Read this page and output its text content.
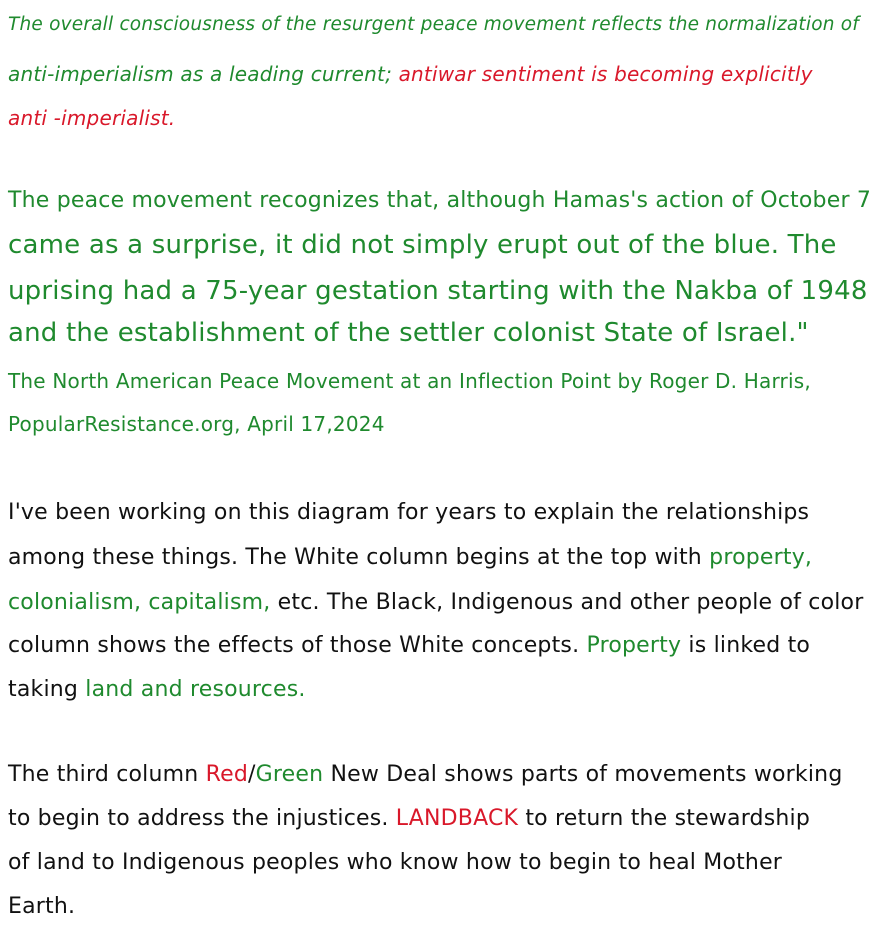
The overall consciousness of the resurgent peace movement reflects the normalization of
anti-imperialism as a leading current; antiwar sentiment is becoming explicitly
anti -imperialist.
The peace movement recognizes that, although Hamas's action of October 7
came as a surprise, it did not simply erupt out of the blue. The
uprising had a 75-year gestation starting with the Nakba of 1948
and the establishment of the settler colonist State of Israel."
The North American Peace Movement at an Inflection Point by Roger D. Harris,
PopularResistance.org, April 17,2024
I've been working on this diagram for years to explain the relationships
among these things. The White column begins at the top with property,
colonialism, capitalism, etc. The Black, Indigenous and other people of color
column shows the effects of those White concepts. Property is linked to
taking land and resources.
The third column Red/Green New Deal shows parts of movements working
to begin to address the injustices. LANDBACK to return the stewardship
of land to Indigenous peoples who know how to begin to heal Mother
Earth.
